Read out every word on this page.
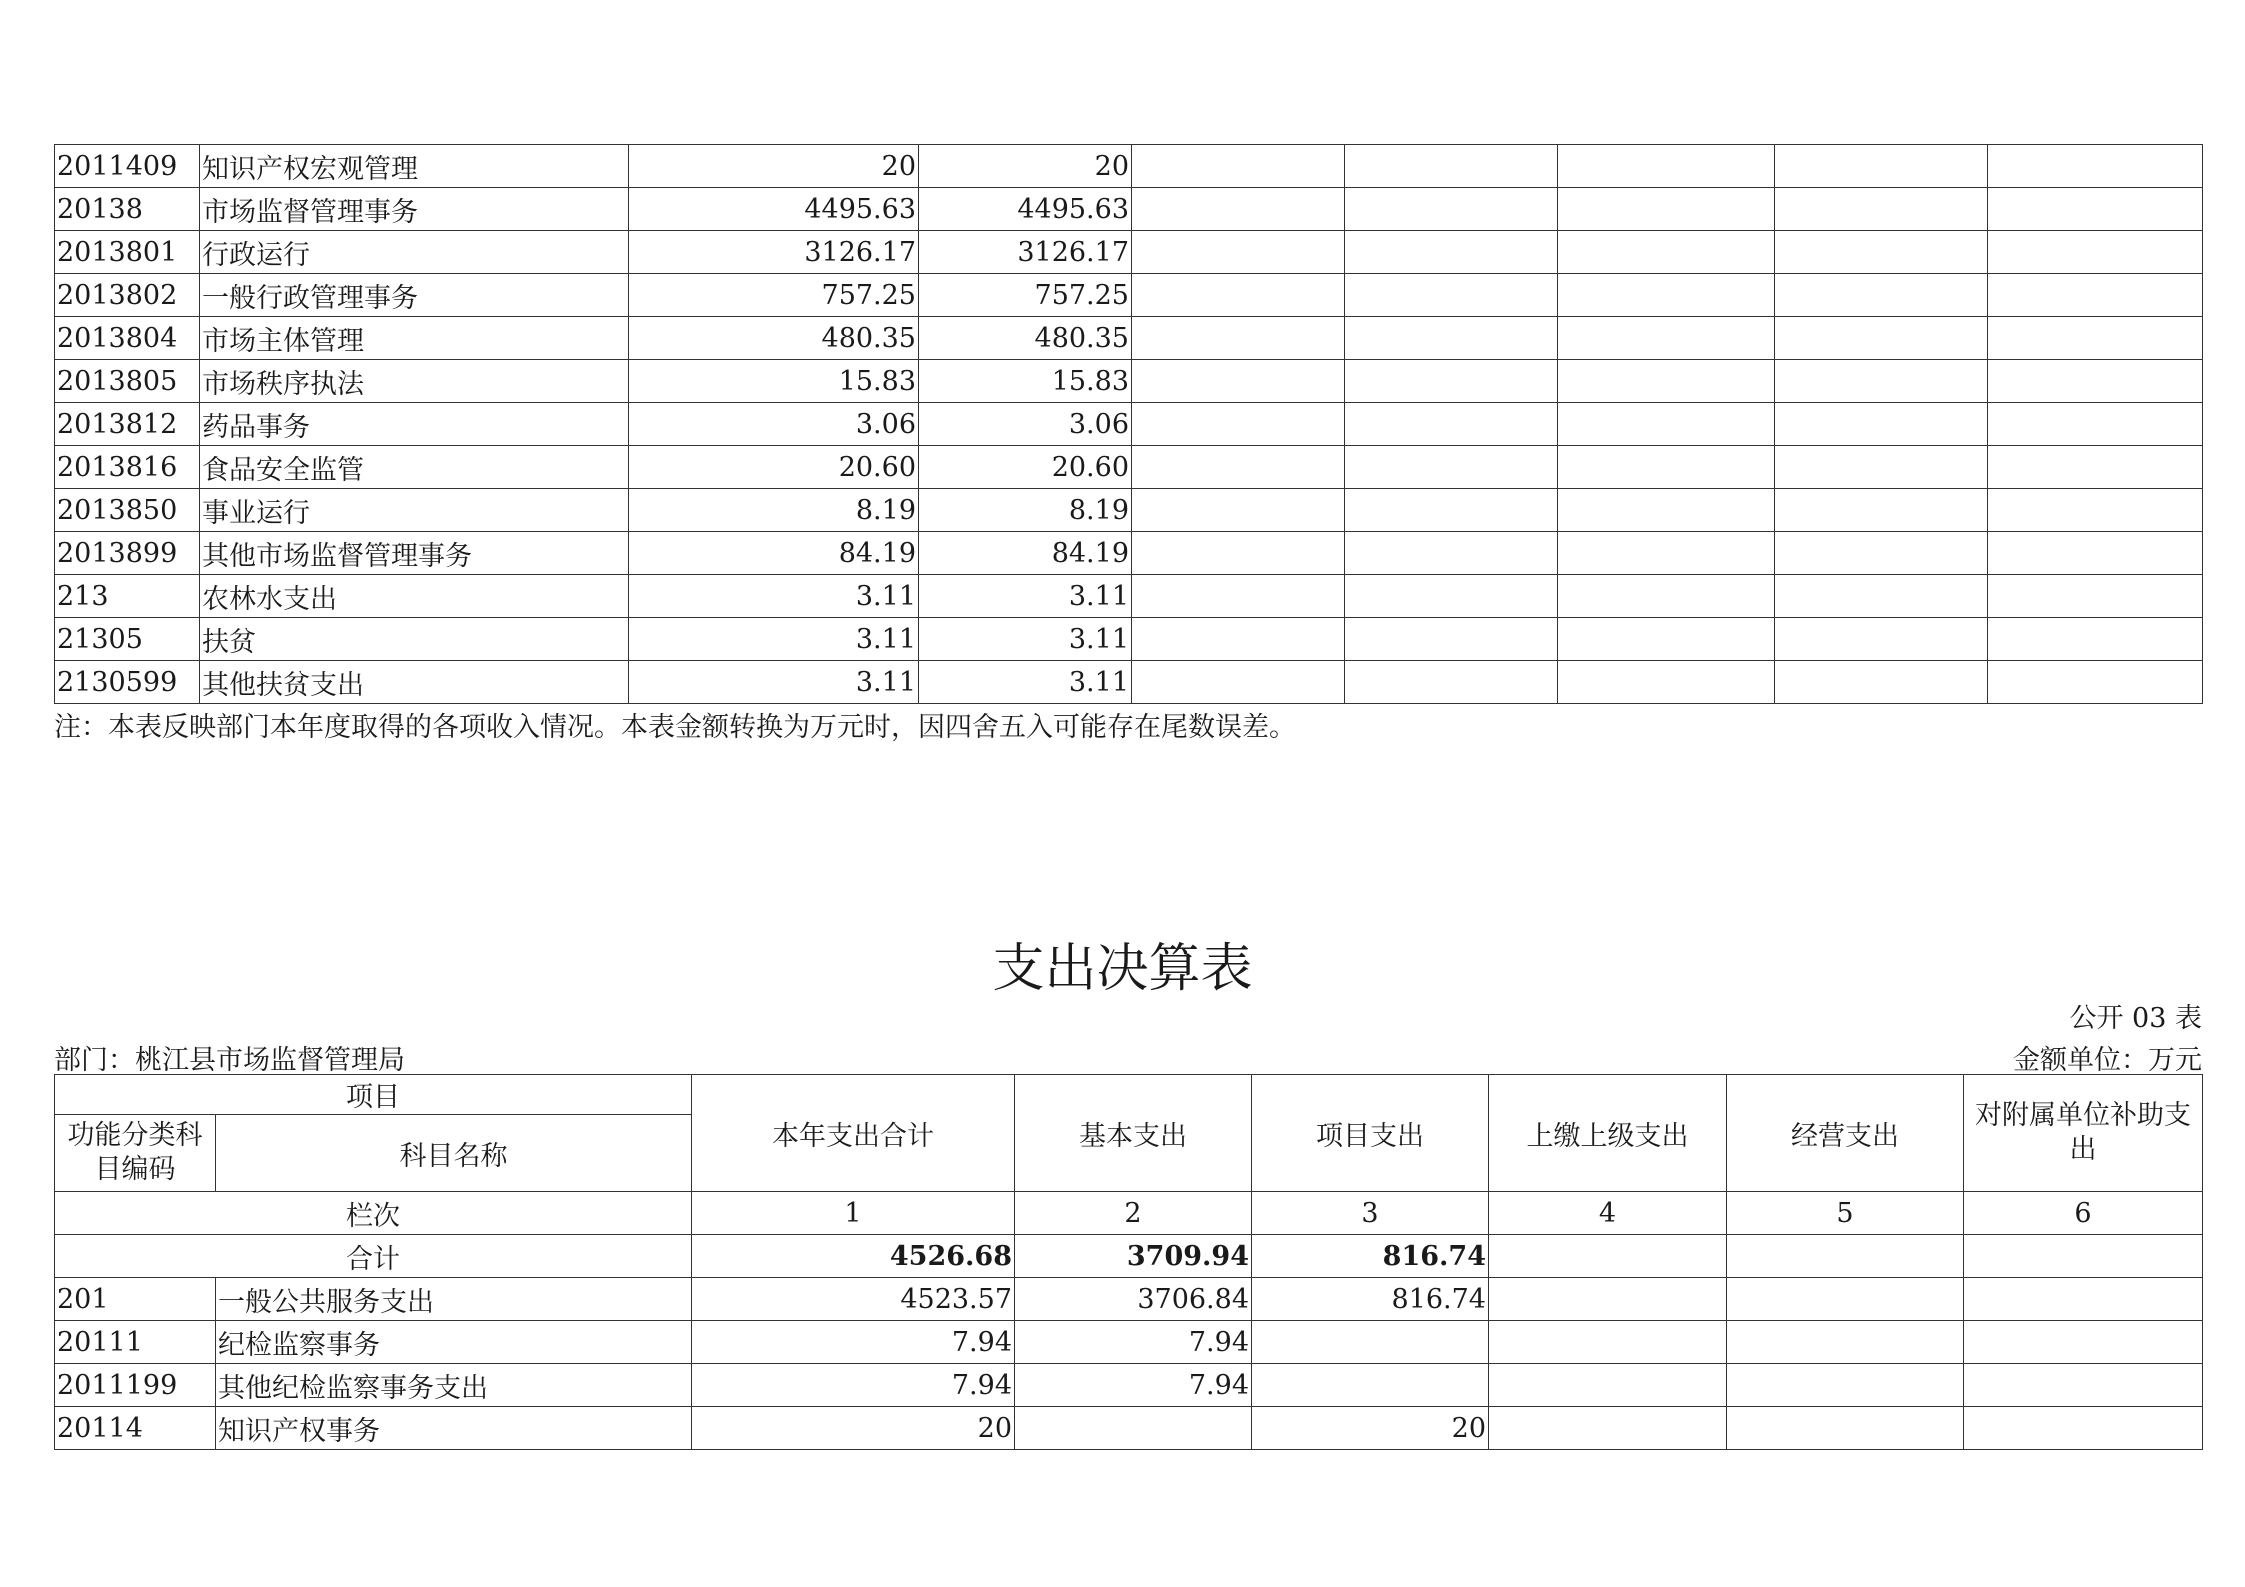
2011409	知识产权宏观管理	20	20					
20138	市场监督管理事务	4495.63	4495.63					
2013801	行政运行	3126.17	3126.17					
2013802	一般行政管理事务	757.25	757.25					
2013804	市场主体管理	480.35	480.35					
2013805	市场秩序执法	15.83	15.83					
2013812	药品事务	3.06	3.06					
2013816	食品安全监管	20.60	20.60					
2013850	事业运行	8.19	8.19					
2013899	其他市场监督管理事务	84.19	84.19					
213	农林水支出	3.11	3.11					
21305	扶贫	3.11	3.11					
2130599	其他扶贫支出	3.11	3.11					
注：本表反映部门本年度取得的各项收入情况。本表金额转换为万元时，因四舍五入可能存在尾数误差。
支出决算表
公开 03 表
部门：桃江县市场监督管理局	金额单位：万元
项目		本年支出合计	基本支出	项目支出	上缴上级支出	经营支出	对附属单位补助支出
功能分类科目编码	科目名称						
栏次		1	2	3	4	5	6
合计		4526.68	3709.94	816.74			
201	一般公共服务支出	4523.57	3706.84	816.74			
20111	纪检监察事务	7.94	7.94				
2011199	其他纪检监察事务支出	7.94	7.94				
20114	知识产权事务	20		20			
